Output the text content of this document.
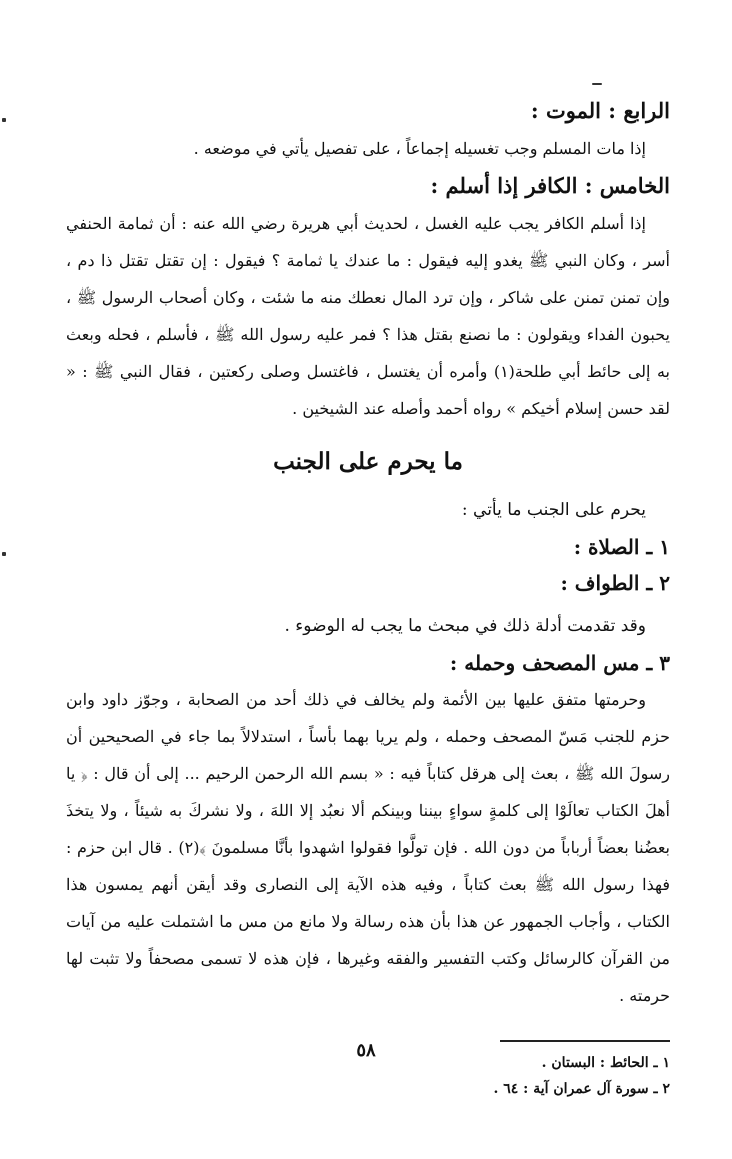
الرابع : الموت :

إذا مات المسلم وجب تغسيله إجماعاً ، على تفصيل يأتي في موضعه .

الخامس : الكافر إذا أسلم :

إذا أسلم الكافر يجب عليه الغسل ، لحديث أبي هريرة رضي الله عنه : أن ثمامة الحنفي أسر ، وكان النبي ﷺ يغدو إليه فيقول : ما عندك يا ثمامة ؟ فيقول : إن تقتل تقتل ذا دم ، وإن تمنن تمنن على شاكر ، وإن ترد المال نعطك منه ما شئت ، وكان أصحاب الرسول ﷺ ، يحبون الفداء ويقولون : ما نصنع بقتل هذا ؟ فمر عليه رسول الله ﷺ ، فأسلم ، فحله وبعث به إلى حائط أبي طلحة(١) وأمره أن يغتسل ، فاغتسل وصلى ركعتين ، فقال النبي ﷺ : « لقد حسن إسلام أخيكم » رواه أحمد وأصله عند الشيخين .

ما يحرم على الجنب
يحرم على الجنب ما يأتي :
١ ـ الصلاة :
٢ ـ الطواف :
وقد تقدمت أدلة ذلك في مبحث ما يجب له الوضوء .
٣ ـ مس المصحف وحمله :

وحرمتها متفق عليها بين الأئمة ولم يخالف في ذلك أحد من الصحابة ، وجوّز داود وابن حزم للجنب مَسّ المصحف وحمله ، ولم يريا بهما بأساً ، استدلالاً بما جاء في الصحيحين أن رسولَ الله ﷺ ، بعث إلى هرقل كتاباً فيه : « بسم الله الرحمن الرحيم ... إلى أن قال : ﴿ يا أهلَ الكتاب تعالَوْا إلى كلمةٍ سواءٍ بيننا وبينكم ألا نعبُد إلا اللهَ ، ولا نشركَ به شيئاً ، ولا يتخذَ بعضُنا بعضاً أرباباً من دون الله . فإن تولَّوا فقولوا اشهدوا بأنَّا مسلمونَ ﴾(٢) . قال ابن حزم : فهذا رسول الله ﷺ بعث كتاباً ، وفيه هذه الآية إلى النصارى وقد أيقن أنهم يمسون هذا الكتاب ، وأجاب الجمهور عن هذا بأن هذه رسالة ولا مانع من مس ما اشتملت عليه من آيات من القرآن كالرسائل وكتب التفسير والفقه وغيرها ، فإن هذه لا تسمى مصحفاً ولا تثبت لها حرمته .

١ ـ الحائط : البستان .
٢ ـ سورة آل عمران آية : ٦٤ .
٥٨
